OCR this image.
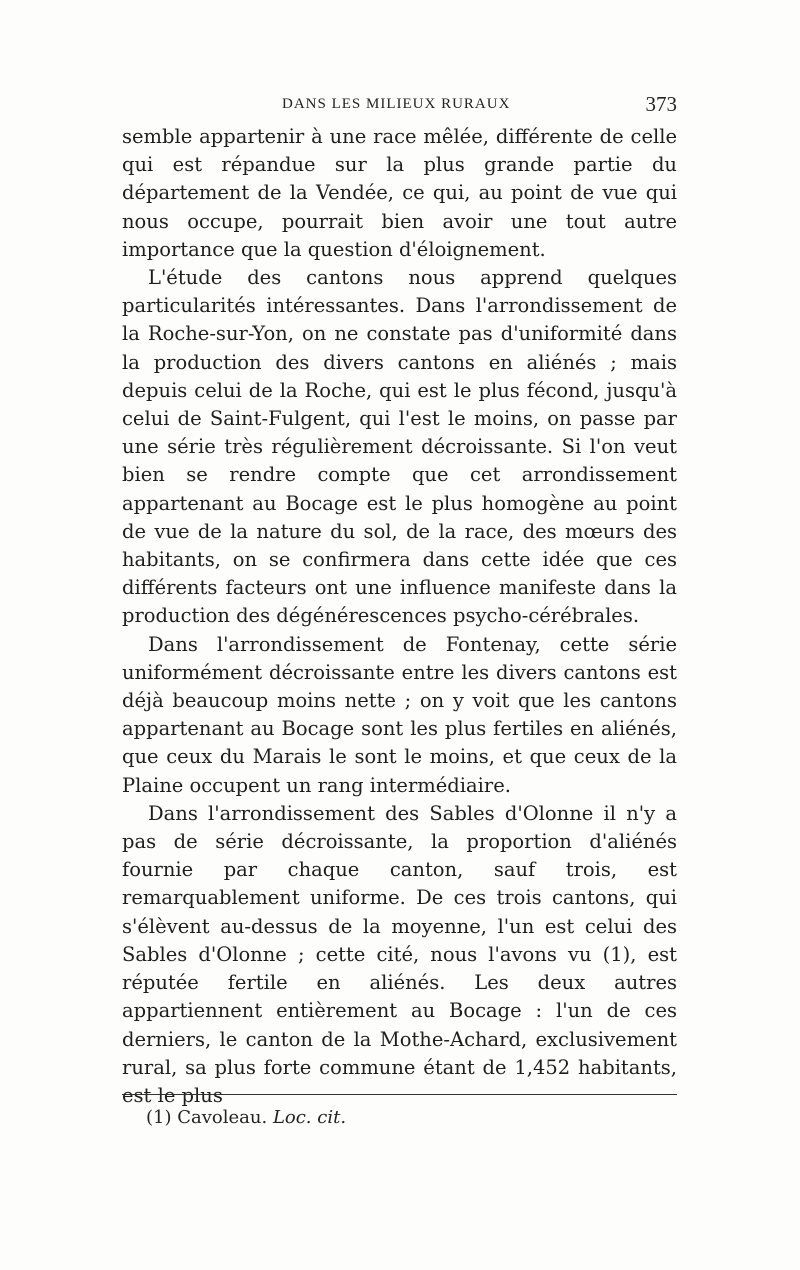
DANS LES MILIEUX RURAUX	373

semble appartenir à une race mêlée, différente de celle qui est répandue sur la plus grande partie du département de la Vendée, ce qui, au point de vue qui nous occupe, pourrait bien avoir une tout autre importance que la question d'éloignement.

L'étude des cantons nous apprend quelques particularités intéressantes. Dans l'arrondissement de la Roche-sur-Yon, on ne constate pas d'uniformité dans la production des divers cantons en aliénés ; mais depuis celui de la Roche, qui est le plus fécond, jusqu'à celui de Saint-Fulgent, qui l'est le moins, on passe par une série très régulièrement décroissante. Si l'on veut bien se rendre compte que cet arrondissement appartenant au Bocage est le plus homogène au point de vue de la nature du sol, de la race, des mœurs des habitants, on se confirmera dans cette idée que ces différents facteurs ont une influence manifeste dans la production des dégénérescences psycho-cérébrales.

Dans l'arrondissement de Fontenay, cette série uniformément décroissante entre les divers cantons est déjà beaucoup moins nette ; on y voit que les cantons appartenant au Bocage sont les plus fertiles en aliénés, que ceux du Marais le sont le moins, et que ceux de la Plaine occupent un rang intermédiaire.

Dans l'arrondissement des Sables d'Olonne il n'y a pas de série décroissante, la proportion d'aliénés fournie par chaque canton, sauf trois, est remarquablement uniforme. De ces trois cantons, qui s'élèvent au-dessus de la moyenne, l'un est celui des Sables d'Olonne ; cette cité, nous l'avons vu (1), est réputée fertile en aliénés. Les deux autres appartiennent entièrement au Bocage : l'un de ces derniers, le canton de la Mothe-Achard, exclusivement rural, sa plus forte commune étant de 1,452 habitants, est le plus

(1) Cavoleau. Loc. cit.
